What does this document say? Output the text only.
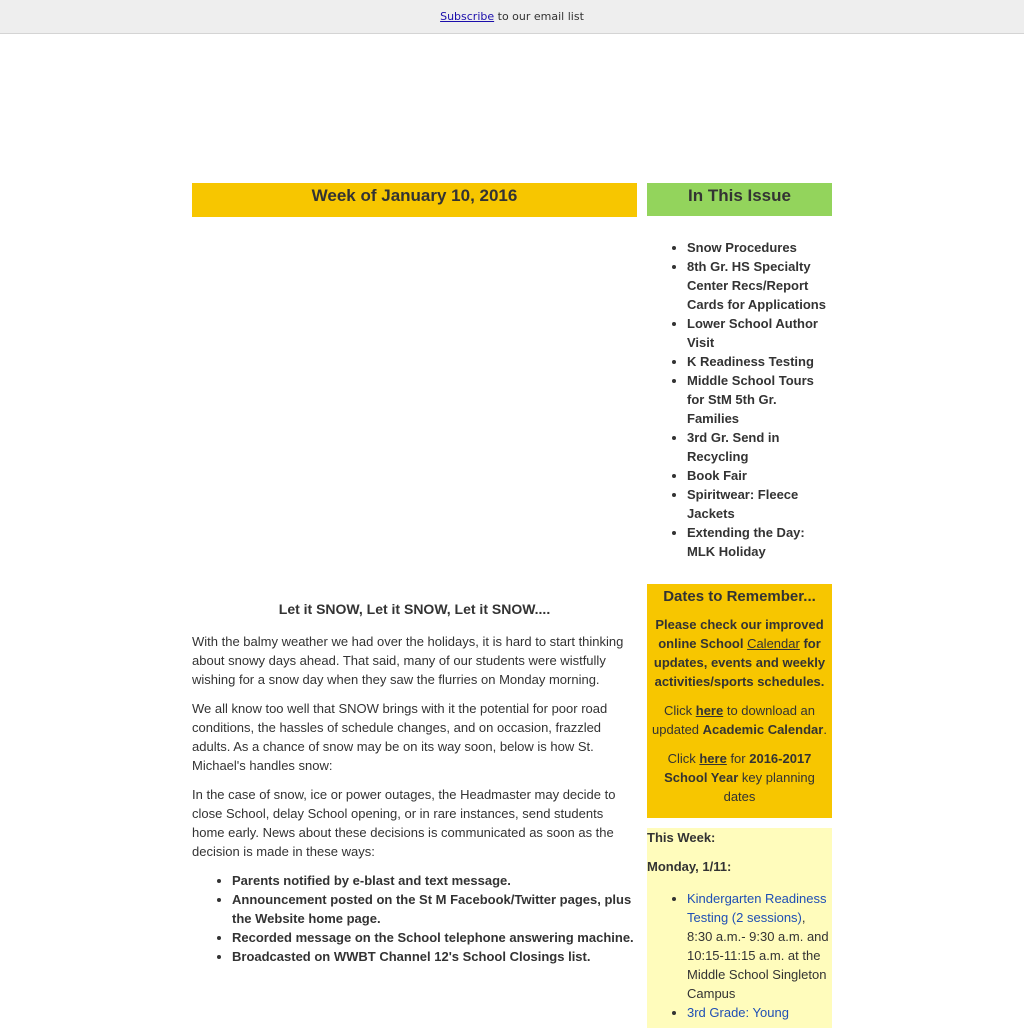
Subscribe to our email list
Week of January 10, 2016
Let it SNOW, Let it SNOW, Let it SNOW....

With the balmy weather we had over the holidays, it is hard to start thinking about snowy days ahead. That said, many of our students were wistfully wishing for a snow day when they saw the flurries on Monday morning.

We all know too well that SNOW brings with it the potential for poor road conditions, the hassles of schedule changes, and on occasion, frazzled adults. As a chance of snow may be on its way soon, below is how St. Michael's handles snow:

In the case of snow, ice or power outages, the Headmaster may decide to close School, delay School opening, or in rare instances, send students home early. News about these decisions is communicated as soon as the decision is made in these ways:

• Parents notified by e-blast and text message.
• Announcement posted on the St M Facebook/Twitter pages, plus the Website home page.
• Recorded message on the School telephone answering machine.
• Broadcasted on WWBT Channel 12's School Closings list.
In This Issue
• Snow Procedures
• 8th Gr. HS Specialty Center Recs/Report Cards for Applications
• Lower School Author Visit
• K Readiness Testing
• Middle School Tours for StM 5th Gr. Families
• 3rd Gr. Send in Recycling
• Book Fair
• Spiritwear: Fleece Jackets
• Extending the Day: MLK Holiday
Dates to Remember...

Please check our improved online School Calendar for updates, events and weekly activities/sports schedules.

Click here to download an updated Academic Calendar.

Click here for 2016-2017 School Year key planning dates

This Week:
Monday, 1/11:
• Kindergarten Readiness Testing (2 sessions), 8:30 a.m.- 9:30 a.m. and 10:15-11:15 a.m. at the Middle School Singleton Campus
• 3rd Grade: Young
